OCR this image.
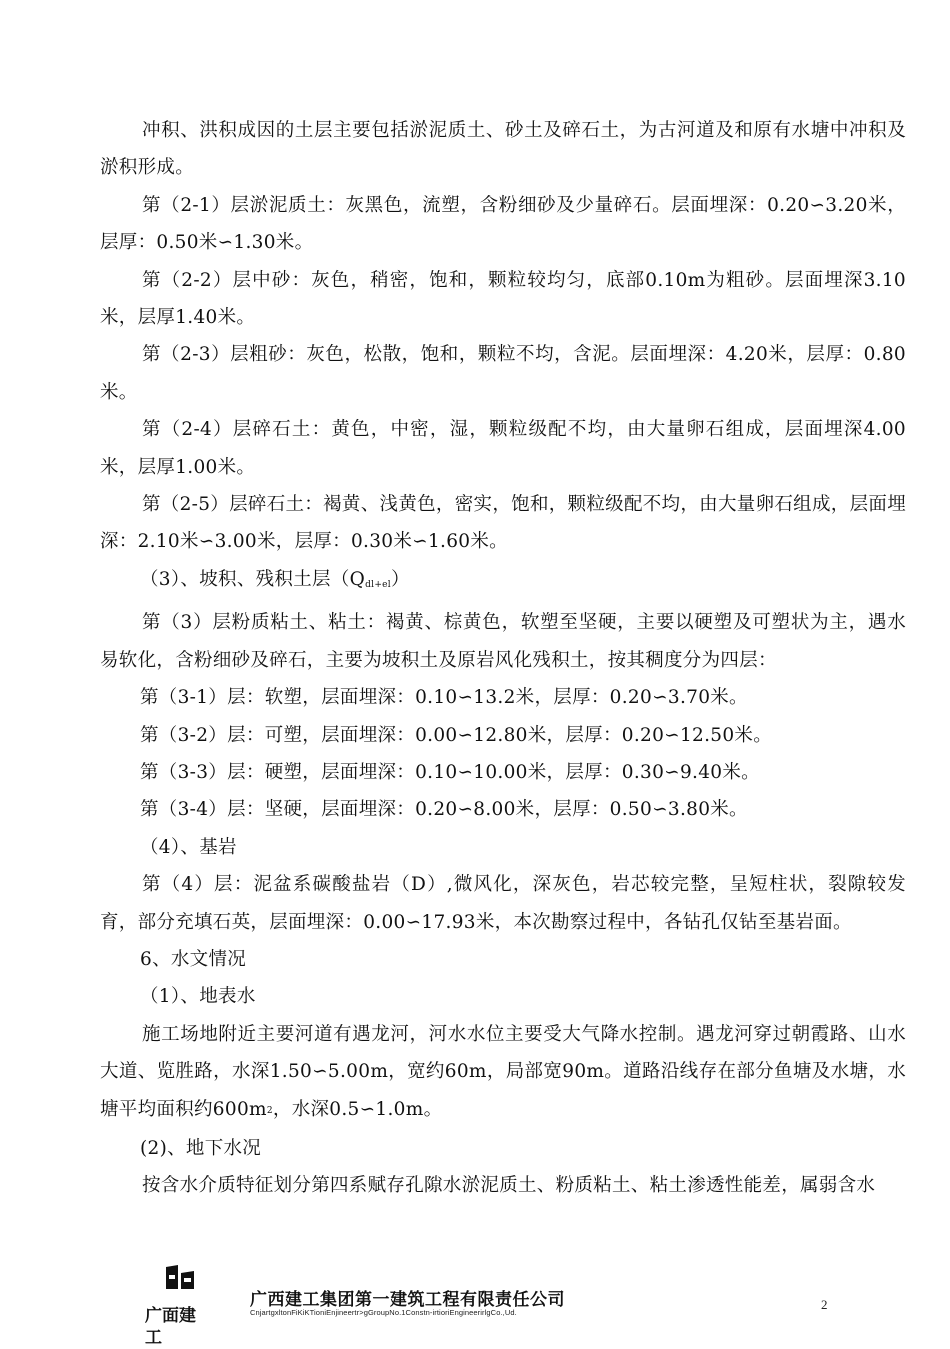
冲积、洪积成因的土层主要包括淤泥质土、砂土及碎石土，为古河道及和原有水塘中冲积及淤积形成。

第（2-1）层淤泥质土：灰黑色，流塑，含粉细砂及少量碎石。层面埋深：0.20∽3.20米，层厚：0.50米∽1.30米。

第（2-2）层中砂：灰色，稍密，饱和，颗粒较均匀，底部0.10m为粗砂。层面埋深3.10米，层厚1.40米。

第（2-3）层粗砂：灰色，松散，饱和，颗粒不均，含泥。层面埋深：4.20米，层厚：0.80米。

第（2-4）层碎石土：黄色，中密，湿，颗粒级配不均，由大量卵石组成，层面埋深4.00米，层厚1.00米。

第（2-5）层碎石土：褐黄、浅黄色，密实，饱和，颗粒级配不均，由大量卵石组成，层面埋深：2.10米∽3.00米，层厚：0.30米∽1.60米。

（3）、坡积、残积土层（Qdl+el）

第（3）层粉质粘土、粘土：褐黄、棕黄色，软塑至坚硬，主要以硬塑及可塑状为主，遇水易软化，含粉细砂及碎石，主要为坡积土及原岩风化残积土，按其稠度分为四层：

第（3-1）层：软塑，层面埋深：0.10∽13.2米，层厚：0.20∽3.70米。

第（3-2）层：可塑，层面埋深：0.00∽12.80米，层厚：0.20∽12.50米。

第（3-3）层：硬塑，层面埋深：0.10∽10.00米，层厚：0.30∽9.40米。

第（3-4）层：坚硬，层面埋深：0.20∽8.00米，层厚：0.50∽3.80米。

（4）、基岩

第（4）层：泥盆系碳酸盐岩（D）,微风化，深灰色，岩芯较完整，呈短柱状，裂隙较发育，部分充填石英，层面埋深：0.00∽17.93米，本次勘察过程中，各钻孔仅钻至基岩面。

6、水文情况

（1）、地表水

施工场地附近主要河道有遇龙河，河水水位主要受大气降水控制。遇龙河穿过朝霞路、山水大道、览胜路，水深1.50∽5.00m，宽约60m，局部宽90m。道路沿线存在部分鱼塘及水塘，水塘平均面积约600m2，水深0.5∽1.0m。

(2)、地下水况

按含水介质特征划分第四系赋存孔隙水淤泥质土、粉质粘土、粘土渗透性能差，属弱含水

广面建工
广西建工集团第一建筑工程有限责任公司
CnjartgxltonFiKiKTioniEnjineertr>gGroupNo.1Constn-irtioriEngineerirlgCo.,Ud.
2
